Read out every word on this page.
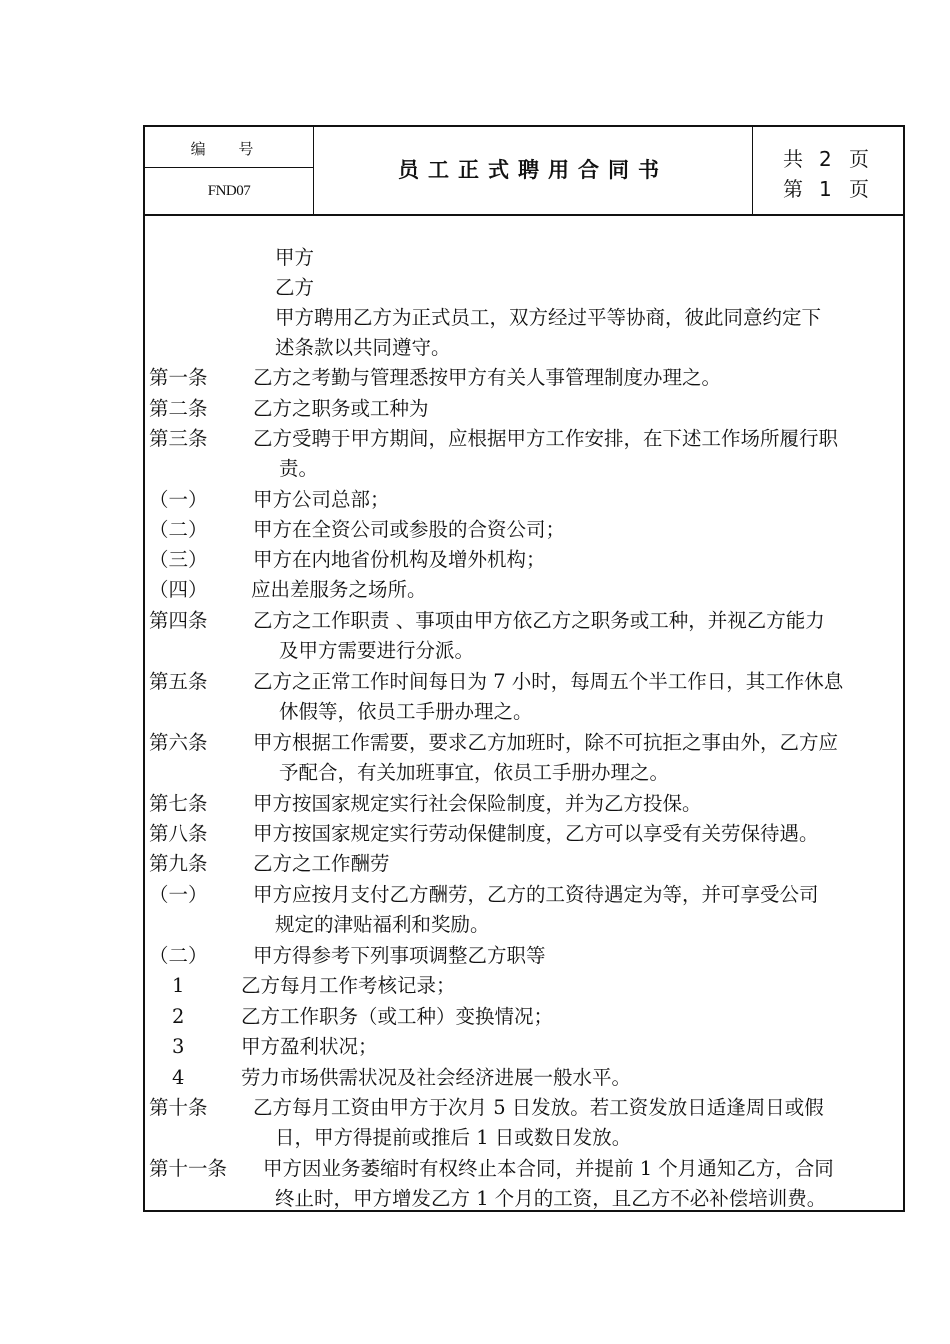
编 号
FND07
员工正式聘用合同书	共 2 页
第 1 页
甲方
乙方
甲方聘用乙方为正式员工，双方经过平等协商，彼此同意约定下
述条款以共同遵守。
第一条 乙方之考勤与管理悉按甲方有关人事管理制度办理之。
第二条 乙方之职务或工种为
第三条 乙方受聘于甲方期间，应根据甲方工作安排，在下述工作场所履行职
责。
（一） 甲方公司总部；
（二） 甲方在全资公司或参股的合资公司；
（三） 甲方在内地省份机构及增外机构；
（四） 应出差服务之场所。
第四条 乙方之工作职责 、事项由甲方依乙方之职务或工种，并视乙方能力
及甲方需要进行分派。
第五条 乙方之正常工作时间每日为 7 小时，每周五个半工作日，其工作休息
休假等，依员工手册办理之。
第六条 甲方根据工作需要，要求乙方加班时，除不可抗拒之事由外，乙方应
予配合，有关加班事宜，依员工手册办理之。
第七条 甲方按国家规定实行社会保险制度，并为乙方投保。
第八条 甲方按国家规定实行劳动保健制度，乙方可以享受有关劳保待遇。
第九条 乙方之工作酬劳
（一） 甲方应按月支付乙方酬劳，乙方的工资待遇定为等，并可享受公司
规定的津贴福利和奖励。
（二） 甲方得参考下列事项调整乙方职等
1	乙方每月工作考核记录；
2	乙方工作职务（或工种）变换情况；
3	甲方盈利状况；
4	劳力市场供需状况及社会经济进展一般水平。
第十条 乙方每月工资由甲方于次月 5 日发放。若工资发放日适逢周日或假
日，甲方得提前或推后 1 日或数日发放。
第十一条 甲方因业务萎缩时有权终止本合同，并提前 1 个月通知乙方，合同
终止时，甲方增发乙方 1 个月的工资，且乙方不必补偿培训费。
